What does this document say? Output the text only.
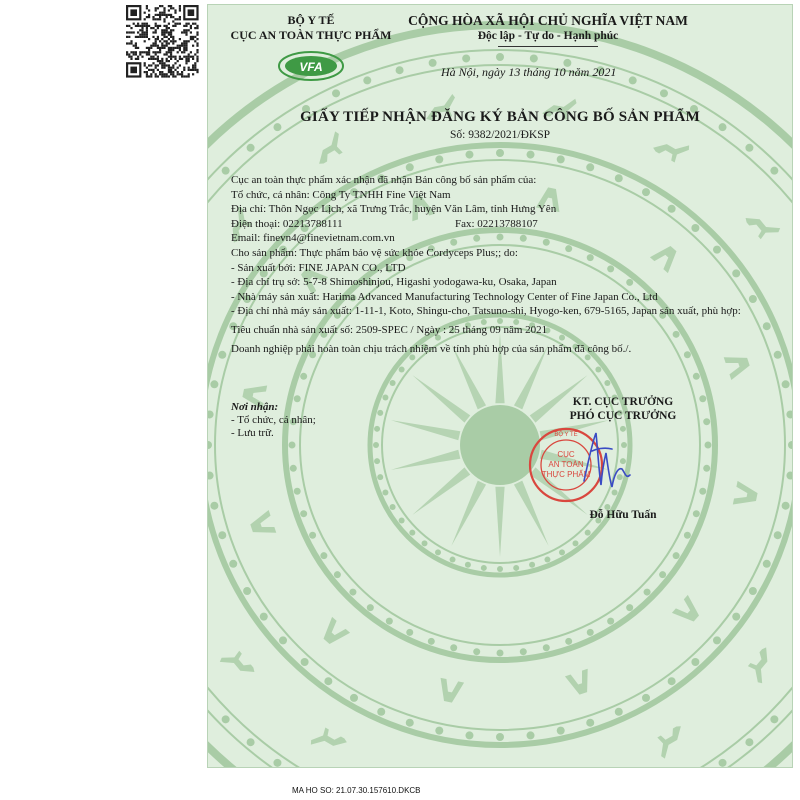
BỘ Y TẾ
CỤC AN TOÀN THỰC PHẨM
VFA
CỘNG HÒA XÃ HỘI CHỦ NGHĨA VIỆT NAM
Độc lập - Tự do - Hạnh phúc
Hà Nội, ngày 13 tháng 10 năm 2021
GIẤY TIẾP NHẬN ĐĂNG KÝ BẢN CÔNG BỐ SẢN PHẨM
Số: 9382/2021/ĐKSP
Cục an toàn thực phẩm xác nhận đã nhận Bản công bố sản phẩm của:
Tổ chức, cá nhân: Công Ty TNHH Fine Việt Nam
Địa chỉ: Thôn Ngọc Lịch, xã Trưng Trắc, huyện Văn Lâm, tỉnh Hưng Yên
Điện thoại: 02213788111	Fax: 02213788107
Email: finevn4@finevietnam.com.vn
Cho sản phẩm: Thực phẩm bảo vệ sức khỏe Cordyceps Plus;; do:
- Sản xuất bởi: FINE JAPAN CO., LTD
- Địa chỉ trụ sở: 5-7-8 Shimoshinjou, Higashi yodogawa-ku, Osaka, Japan
- Nhà máy sản xuất: Harima Advanced Manufacturing Technology Center of Fine Japan Co., Ltd
- Địa chỉ nhà máy sản xuất: 1-11-1, Koto, Shingu-cho, Tatsuno-shi, Hyogo-ken, 679-5165, Japan sản xuất, phù hợp:
Tiêu chuẩn nhà sản xuất số: 2509-SPEC / Ngày : 25 tháng 09 năm 2021
Doanh nghiệp phải hoàn toàn chịu trách nhiệm về tính phù hợp của sản phẩm đã công bố./.
Nơi nhận:
- Tổ chức, cá nhân;
- Lưu trữ.
KT. CỤC TRƯỞNG
PHÓ CỤC TRƯỞNG
BỘ Y TẾ
CỤC
AN TOÀN
THỰC PHẨM
Đỗ Hữu Tuấn
MA HO SO: 21.07.30.157610.DKCB
